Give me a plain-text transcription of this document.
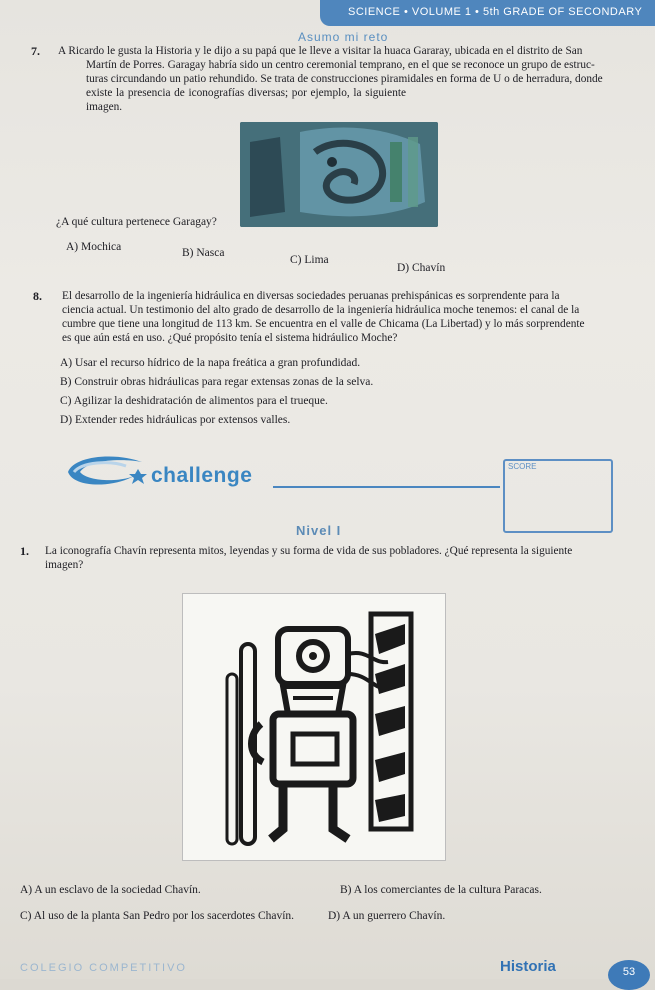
SCIENCE • VOLUME 1 • 5th GRADE OF SECONDARY
Asumo mi reto
7. A Ricardo le gusta la Historia y le dijo a su papá que le lleve a visitar la huaca Gararay, ubicada en el distrito de San
Martín de Porres. Garagay habría sido un centro ceremonial temprano, en el que se reconoce un grupo de estruc-
turas circundando un patio rehundido. Se trata de construcciones piramidales en forma de U o de herradura, donde
existe la presencia de iconografías diversas; por ejemplo, la siguiente imagen.
¿A qué cultura pertenece Garagay?
A) Mochica	B) Nasca
C) Lima
D) Chavín
8. El desarrollo de la ingeniería hidráulica en diversas sociedades peruanas prehispánicas es sorprendente para la
ciencia actual. Un testimonio del alto grado de desarrollo de la ingeniería hidráulica moche tenemos: el canal de la
cumbre que tiene una longitud de 113 km. Se encuentra en el valle de Chicama (La Libertad) y lo más sorprendente
es que aún está en uso. ¿Qué propósito tenía el sistema hidráulico Moche?
A) Usar el recurso hídrico de la napa freática a gran profundidad.
B) Construir obras hidráulicas para regar extensas zonas de la selva.
C) Agilizar la deshidratación de alimentos para el trueque.
D) Extender redes hidráulicas por extensos valles.
challenge	SCORE
Nivel I
1. La iconografía Chavín representa mitos, leyendas y su forma de vida de sus pobladores. ¿Qué representa la siguiente
imagen?
A) A un esclavo de la sociedad Chavín.	B) A los comerciantes de la cultura Paracas.
C) Al uso de la planta San Pedro por los sacerdotes Chavín.	D) A un guerrero Chavín.
COLEGIO COMPETITIVO	Historia	53
